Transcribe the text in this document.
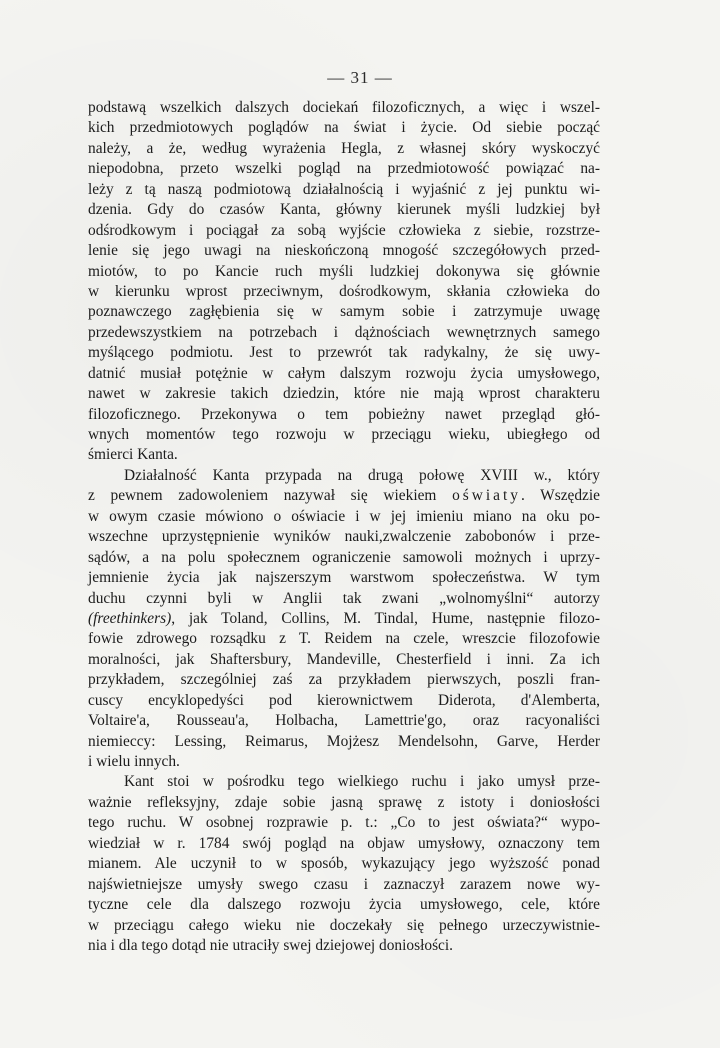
— 31 —
podstawą wszelkich dalszych dociekań filozoficznych, a więc i wszel-
kich przedmiotowych poglądów na świat i życie. Od siebie począć
należy, a że, według wyrażenia Hegla, z własnej skóry wyskoczyć
niepodobna, przeto wszelki pogląd na przedmiotowość powiązać na-
leży z tą naszą podmiotową działalnością i wyjaśnić z jej punktu wi-
dzenia. Gdy do czasów Kanta, główny kierunek myśli ludzkiej był
odśrodkowym i pociągał za sobą wyjście człowieka z siebie, rozstrze-
lenie się jego uwagi na nieskończoną mnogość szczegółowych przed-
miotów, to po Kancie ruch myśli ludzkiej dokonywa się głównie
w kierunku wprost przeciwnym, dośrodkowym, skłania człowieka do
poznawczego zagłębienia się w samym sobie i zatrzymuje uwagę
przedewszystkiem na potrzebach i dążnościach wewnętrznych samego
myślącego podmiotu. Jest to przewrót tak radykalny, że się uwy-
datnić musiał potężnie w całym dalszym rozwoju życia umysłowego,
nawet w zakresie takich dziedzin, które nie mają wprost charakteru
filozoficznego. Przekonywa o tem pobieżny nawet przegląd głó-
wnych momentów tego rozwoju w przeciągu wieku, ubiegłego od
śmierci Kanta.
Działalność Kanta przypada na drugą połowę XVIII w., który
z pewnem zadowoleniem nazywał się wiekiem oświaty. Wszędzie
w owym czasie mówiono o oświacie i w jej imieniu miano na oku po-
wszechne uprzystępnienie wyników nauki,zwalczenie zabobonów i prze-
sądów, a na polu społecznem ograniczenie samowoli możnych i uprzy-
jemnienie życia jak najszerszym warstwom społeczeństwa. W tym
duchu czynni byli w Anglii tak zwani „wolnomyślni“ autorzy
(freethinkers), jak Toland, Collins, M. Tindal, Hume, następnie filozo-
fowie zdrowego rozsądku z T. Reidem na czele, wreszcie filozofowie
moralności, jak Shaftersbury, Mandeville, Chesterfield i inni. Za ich
przykładem, szczególniej zaś za przykładem pierwszych, poszli fran-
cuscy encyklopedyści pod kierownictwem Diderota, d'Alemberta,
Voltaire'a, Rousseau'a, Holbacha, Lamettrie'go, oraz racyonaliści
niemieccy: Lessing, Reimarus, Mojżesz Mendelsohn, Garve, Herder
i wielu innych.
Kant stoi w pośrodku tego wielkiego ruchu i jako umysł prze-
ważnie refleksyjny, zdaje sobie jasną sprawę z istoty i doniosłości
tego ruchu. W osobnej rozprawie p. t.: „Co to jest oświata?“ wypo-
wiedział w r. 1784 swój pogląd na objaw umysłowy, oznaczony tem
mianem. Ale uczynił to w sposób, wykazujący jego wyższość ponad
najświetniejsze umysły swego czasu i zaznaczył zarazem nowe wy-
tyczne cele dla dalszego rozwoju życia umysłowego, cele, które
w przeciągu całego wieku nie doczekały się pełnego urzeczywistnie-
nia i dla tego dotąd nie utraciły swej dziejowej doniosłości.
